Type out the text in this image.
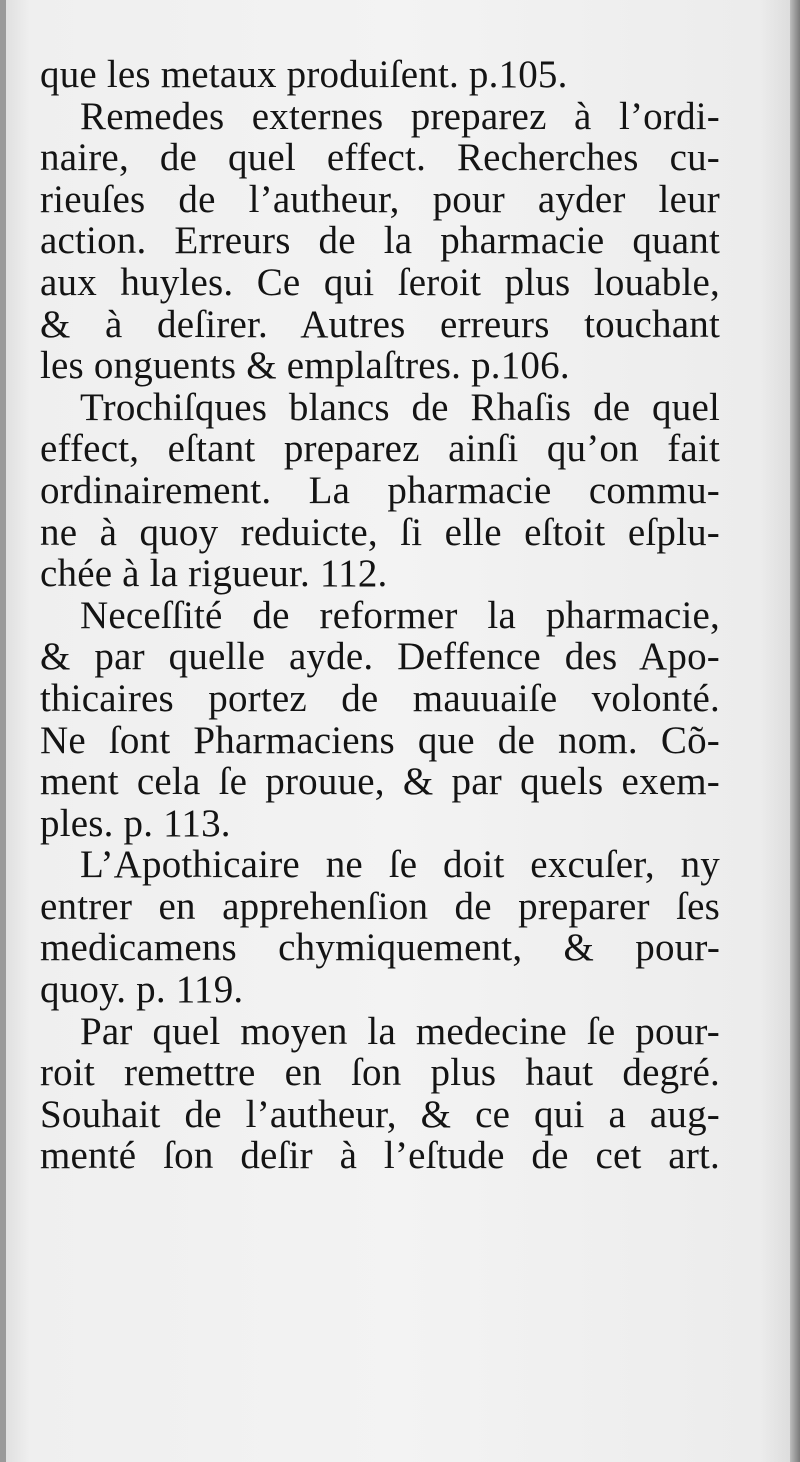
que les metaux produiſent. p.105.
Remedes externes preparez à l’ordi-
naire, de quel effect. Recherches cu-
rieuſes de l’autheur, pour ayder leur
action. Erreurs de la pharmacie quant
aux huyles. Ce qui ſeroit plus louable,
& à deſirer. Autres erreurs touchant
les onguents & emplaſtres. p.106.
Trochiſques blancs de Rhaſis de quel
effect, eſtant preparez ainſi qu’on fait
ordinairement. La pharmacie commu-
ne à quoy reduicte, ſi elle eſtoit eſplu-
chée à la rigueur. 112.
Neceſſité de reformer la pharmacie,
& par quelle ayde. Deffence des Apo-
thicaires portez de mauuaiſe volonté.
Ne ſont Pharmaciens que de nom. Cõ-
ment cela ſe prouue, & par quels exem-
ples. p. 113.
L’Apothicaire ne ſe doit excuſer, ny
entrer en apprehenſion de preparer ſes
medicamens chymiquement, & pour-
quoy. p. 119.
Par quel moyen la medecine ſe pour-
roit remettre en ſon plus haut degré.
Souhait de l’autheur, & ce qui a aug-
menté ſon deſir à l’eſtude de cet art.
